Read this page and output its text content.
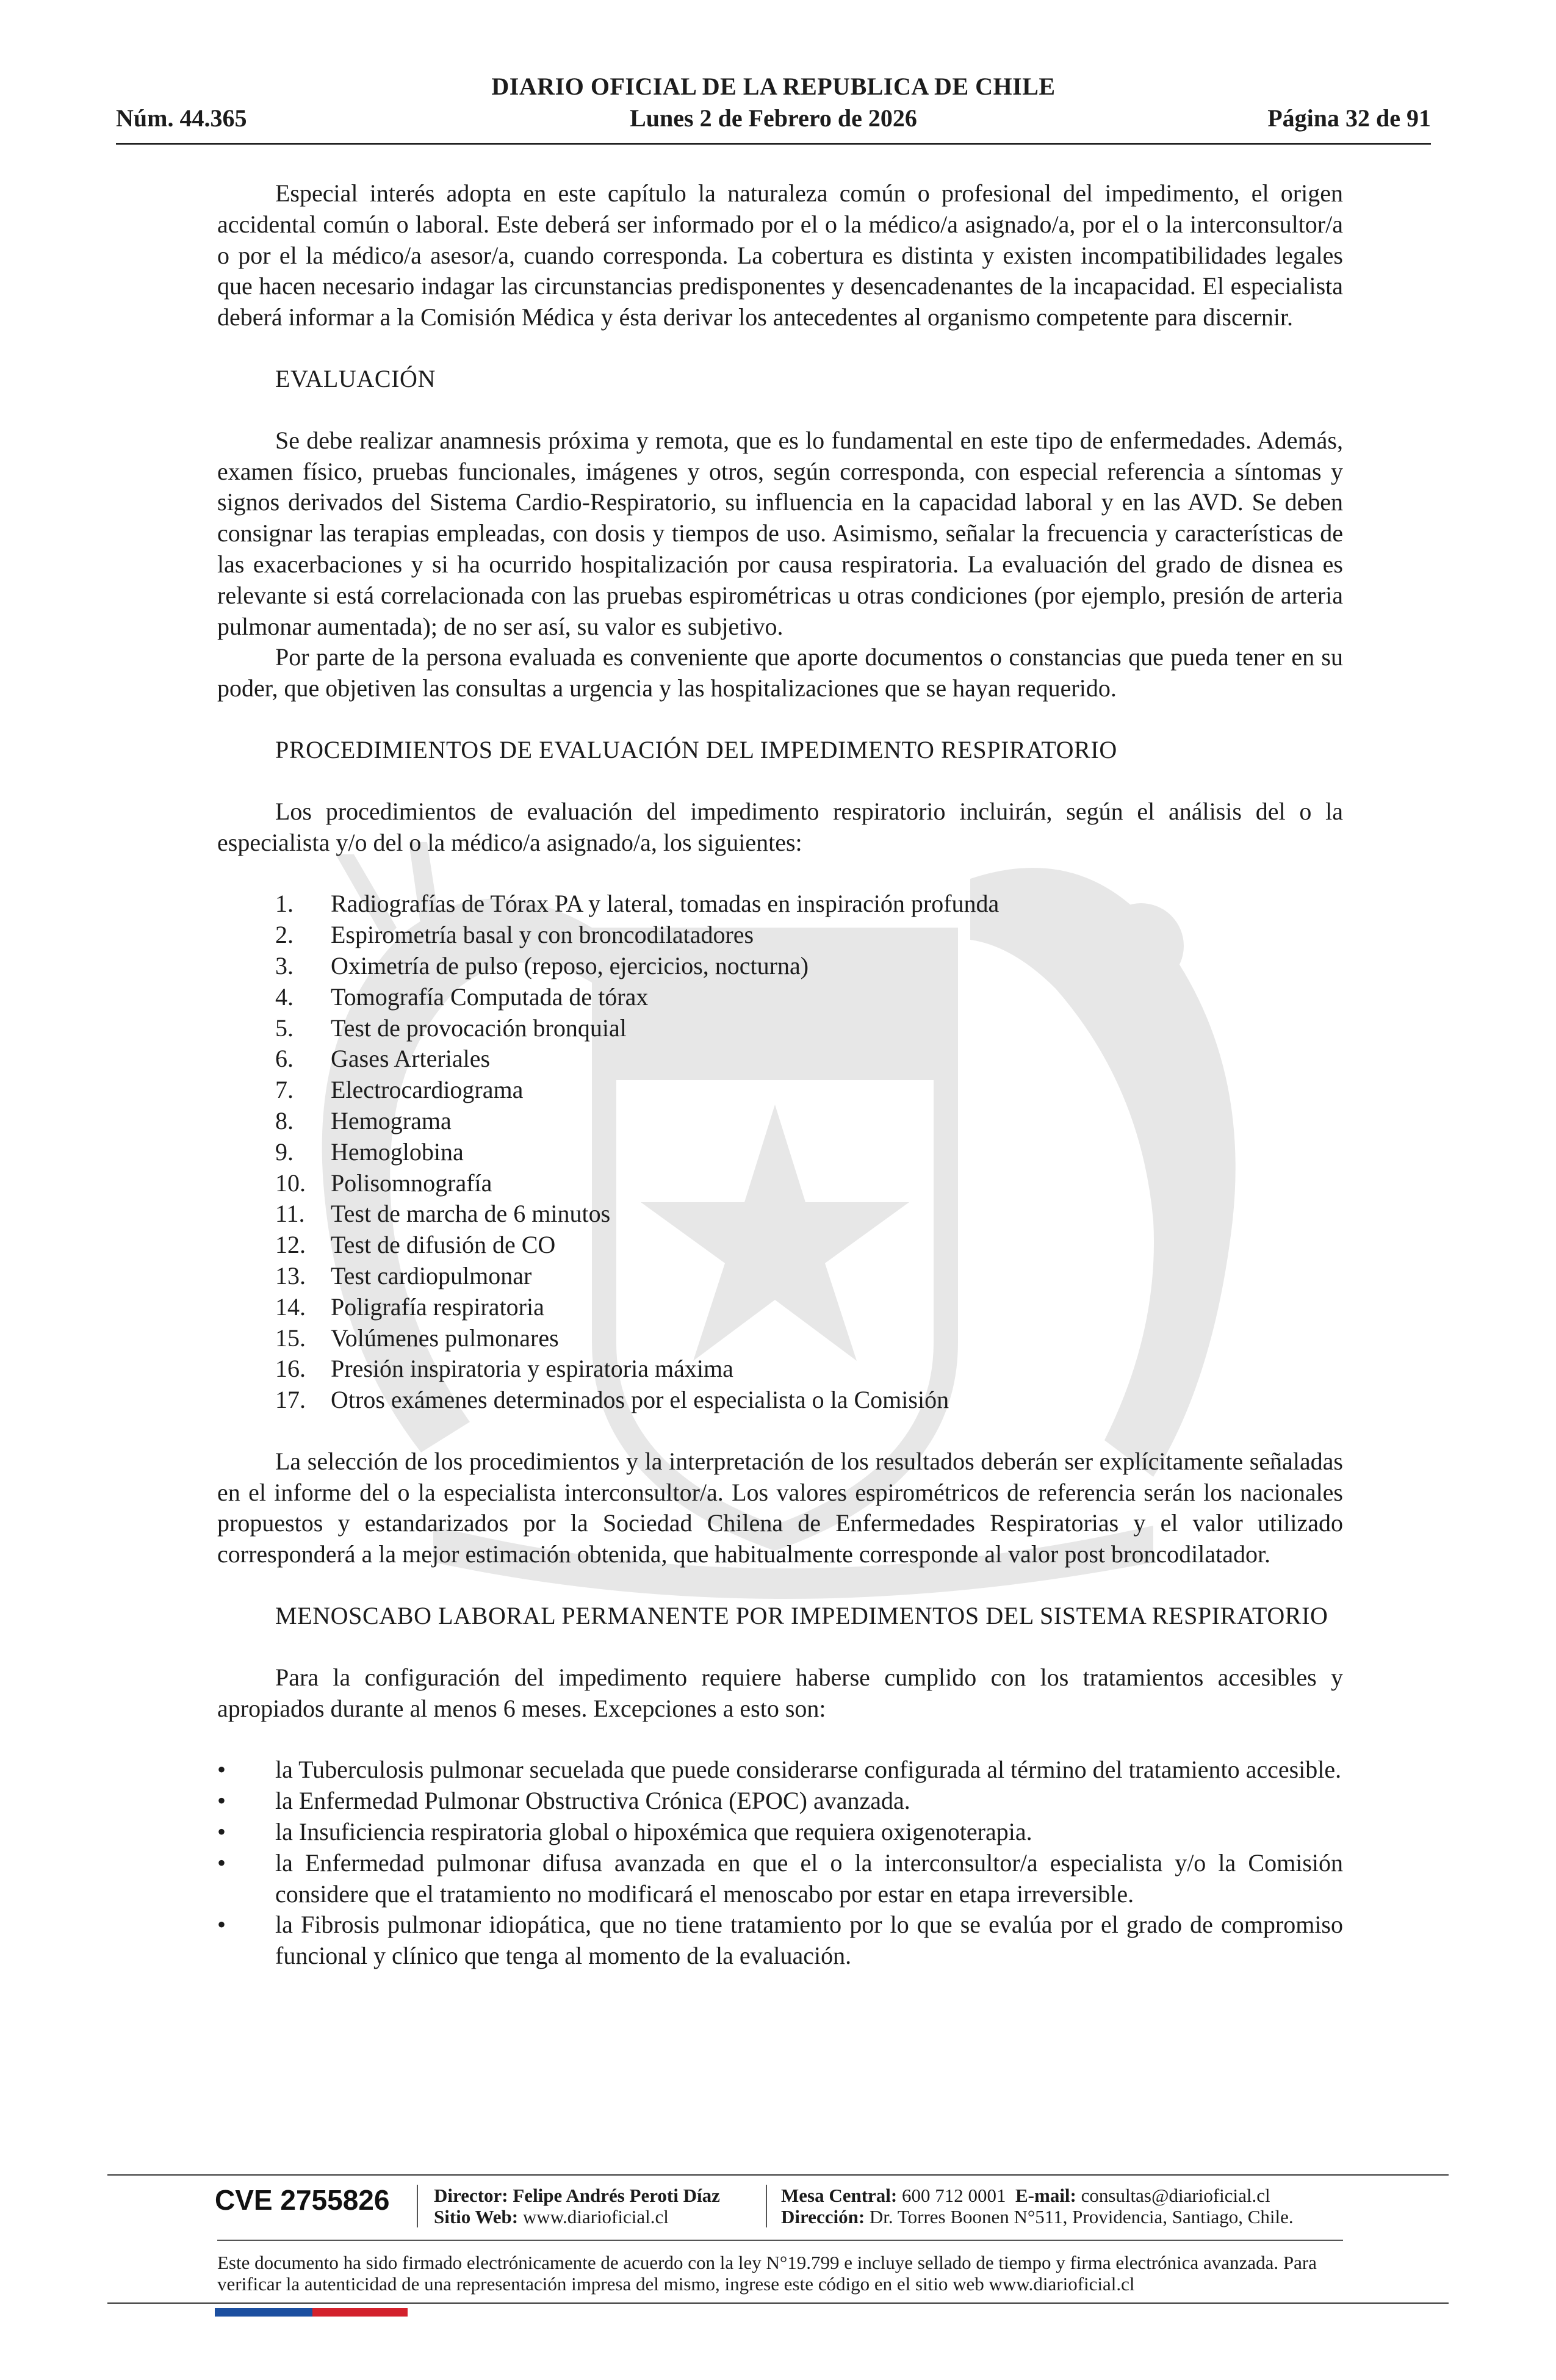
DIARIO OFICIAL DE LA REPUBLICA DE CHILE
Núm. 44.365	Lunes 2 de Febrero de 2026	Página 32 de 91

Especial interés adopta en este capítulo la naturaleza común o profesional del impedimento, el origen accidental común o laboral. Este deberá ser informado por el o la médico/a asignado/a, por el o la interconsultor/a o por el la médico/a asesor/a, cuando corresponda. La cobertura es distinta y existen incompatibilidades legales que hacen necesario indagar las circunstancias predisponentes y desencadenantes de la incapacidad. El especialista deberá informar a la Comisión Médica y ésta derivar los antecedentes al organismo competente para discernir.

EVALUACIÓN

Se debe realizar anamnesis próxima y remota, que es lo fundamental en este tipo de enfermedades. Además, examen físico, pruebas funcionales, imágenes y otros, según corresponda, con especial referencia a síntomas y signos derivados del Sistema Cardio-Respiratorio, su influencia en la capacidad laboral y en las AVD. Se deben consignar las terapias empleadas, con dosis y tiempos de uso. Asimismo, señalar la frecuencia y características de las exacerbaciones y si ha ocurrido hospitalización por causa respiratoria. La evaluación del grado de disnea es relevante si está correlacionada con las pruebas espirométricas u otras condiciones (por ejemplo, presión de arteria pulmonar aumentada); de no ser así, su valor es subjetivo.

Por parte de la persona evaluada es conveniente que aporte documentos o constancias que pueda tener en su poder, que objetiven las consultas a urgencia y las hospitalizaciones que se hayan requerido.

PROCEDIMIENTOS DE EVALUACIÓN DEL IMPEDIMENTO RESPIRATORIO

Los procedimientos de evaluación del impedimento respiratorio incluirán, según el análisis del o la especialista y/o del o la médico/a asignado/a, los siguientes:

1. Radiografías de Tórax PA y lateral, tomadas en inspiración profunda
2. Espirometría basal y con broncodilatadores
3. Oximetría de pulso (reposo, ejercicios, nocturna)
4. Tomografía Computada de tórax
5. Test de provocación bronquial
6. Gases Arteriales
7. Electrocardiograma
8. Hemograma
9. Hemoglobina
10. Polisomnografía
11. Test de marcha de 6 minutos
12. Test de difusión de CO
13. Test cardiopulmonar
14. Poligrafía respiratoria
15. Volúmenes pulmonares
16. Presión inspiratoria y espiratoria máxima
17. Otros exámenes determinados por el especialista o la Comisión

La selección de los procedimientos y la interpretación de los resultados deberán ser explícitamente señaladas en el informe del o la especialista interconsultor/a. Los valores espirométricos de referencia serán los nacionales propuestos y estandarizados por la Sociedad Chilena de Enfermedades Respiratorias y el valor utilizado corresponderá a la mejor estimación obtenida, que habitualmente corresponde al valor post broncodilatador.

MENOSCABO LABORAL PERMANENTE POR IMPEDIMENTOS DEL SISTEMA RESPIRATORIO

Para la configuración del impedimento requiere haberse cumplido con los tratamientos accesibles y apropiados durante al menos 6 meses. Excepciones a esto son:

• la Tuberculosis pulmonar secuelada que puede considerarse configurada al término del tratamiento accesible.
• la Enfermedad Pulmonar Obstructiva Crónica (EPOC) avanzada.
• la Insuficiencia respiratoria global o hipoxémica que requiera oxigenoterapia.
• la Enfermedad pulmonar difusa avanzada en que el o la interconsultor/a especialista y/o la Comisión considere que el tratamiento no modificará el menoscabo por estar en etapa irreversible.
• la Fibrosis pulmonar idiopática, que no tiene tratamiento por lo que se evalúa por el grado de compromiso funcional y clínico que tenga al momento de la evaluación.
CVE 2755826 Director: Felipe Andrés Peroti Díaz
Sitio Web: www.diarioficial.cl
Mesa Central: 600 712 0001 E-mail: consultas@diarioficial.cl
Dirección: Dr. Torres Boonen N°511, Providencia, Santiago, Chile.
Este documento ha sido firmado electrónicamente de acuerdo con la ley N°19.799 e incluye sellado de tiempo y firma electrónica avanzada. Para verificar la autenticidad de una representación impresa del mismo, ingrese este código en el sitio web www.diarioficial.cl
